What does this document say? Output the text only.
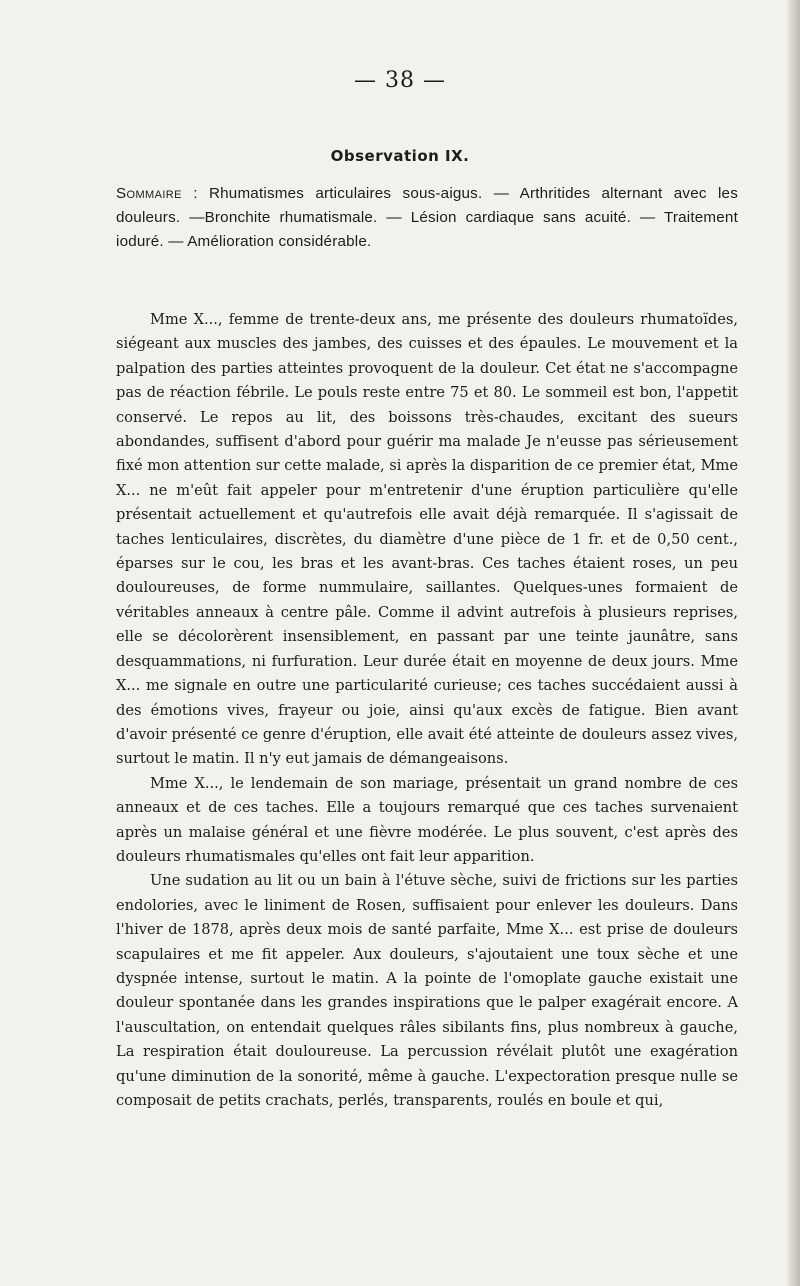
— 38 —
Observation IX.
Sommaire : Rhumatismes articulaires sous-aigus. — Arthritides alternant avec les douleurs. —Bronchite rhumatismale. — Lésion cardiaque sans acuité. — Traitement ioduré. — Amélioration considérable.

Mme X..., femme de trente-deux ans, me présente des douleurs rhumatoïdes, siégeant aux muscles des jambes, des cuisses et des épaules. Le mouvement et la palpation des parties atteintes provoquent de la douleur. Cet état ne s'accompagne pas de réaction fébrile. Le pouls reste entre 75 et 80. Le sommeil est bon, l'appetit conservé. Le repos au lit, des boissons très-chaudes, excitant des sueurs abondandes, suffisent d'abord pour guérir ma malade Je n'eusse pas sérieusement fixé mon attention sur cette malade, si après la disparition de ce premier état, Mme X... ne m'eût fait appeler pour m'entretenir d'une éruption particulière qu'elle présentait actuellement et qu'autrefois elle avait déjà remarquée. Il s'agissait de taches lenticulaires, discrètes, du diamètre d'une pièce de 1 fr. et de 0,50 cent., éparses sur le cou, les bras et les avant-bras. Ces taches étaient roses, un peu douloureuses, de forme nummulaire, saillantes. Quelques-unes formaient de véritables anneaux à centre pâle. Comme il advint autrefois à plusieurs reprises, elle se décolorèrent insensiblement, en passant par une teinte jaunâtre, sans desquammations, ni furfuration. Leur durée était en moyenne de deux jours. Mme X... me signale en outre une particularité curieuse; ces taches succédaient aussi à des émotions vives, frayeur ou joie, ainsi qu'aux excès de fatigue. Bien avant d'avoir présenté ce genre d'éruption, elle avait été atteinte de douleurs assez vives, surtout le matin. Il n'y eut jamais de démangeaisons.

Mme X..., le lendemain de son mariage, présentait un grand nombre de ces anneaux et de ces taches. Elle a toujours remarqué que ces taches survenaient après un malaise général et une fièvre modérée. Le plus souvent, c'est après des douleurs rhumatismales qu'elles ont fait leur apparition.

Une sudation au lit ou un bain à l'étuve sèche, suivi de frictions sur les parties endolories, avec le liniment de Rosen, suffisaient pour enlever les douleurs. Dans l'hiver de 1878, après deux mois de santé parfaite, Mme X... est prise de douleurs scapulaires et me fit appeler. Aux douleurs, s'ajoutaient une toux sèche et une dyspnée intense, surtout le matin. A la pointe de l'omoplate gauche existait une douleur spontanée dans les grandes inspirations que le palper exagérait encore. A l'auscultation, on entendait quelques râles sibilants fins, plus nombreux à gauche, La respiration était douloureuse. La percussion révélait plutôt une exagération qu'une diminution de la sonorité, même à gauche. L'expectoration presque nulle se composait de petits crachats, perlés, transparents, roulés en boule et qui,
